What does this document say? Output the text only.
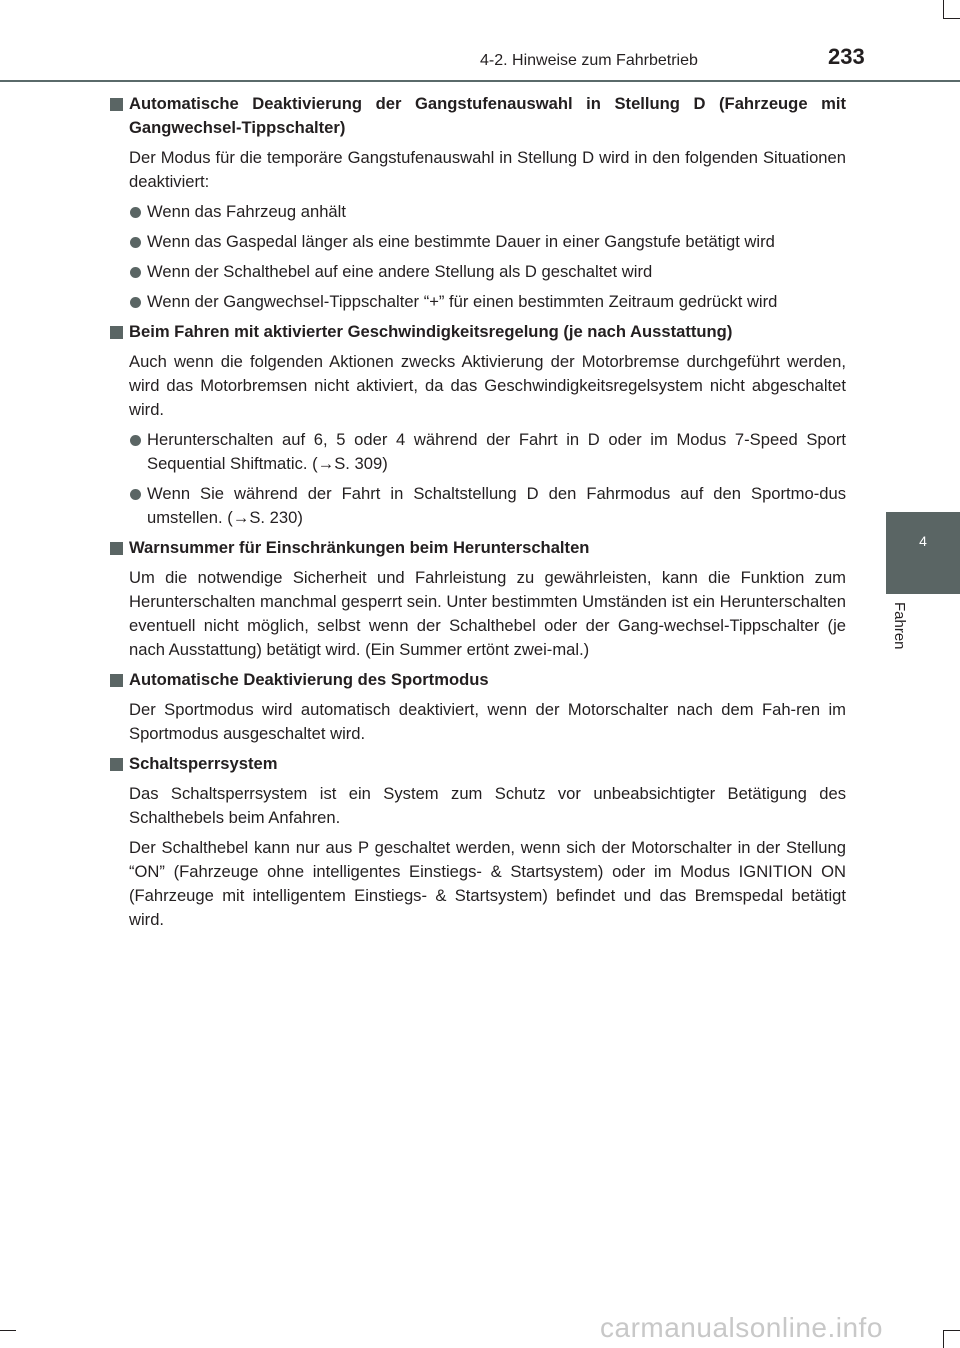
4-2. Hinweise zum Fahrbetrieb	233
4
Fahren
Automatische Deaktivierung der Gangstufenauswahl in Stellung D (Fahrzeuge mit Gangwechsel-Tippschalter)
Der Modus für die temporäre Gangstufenauswahl in Stellung D wird in den folgenden Situationen deaktiviert:
Wenn das Fahrzeug anhält
Wenn das Gaspedal länger als eine bestimmte Dauer in einer Gangstufe betätigt wird
Wenn der Schalthebel auf eine andere Stellung als D geschaltet wird
Wenn der Gangwechsel-Tippschalter “+” für einen bestimmten Zeitraum gedrückt wird
Beim Fahren mit aktivierter Geschwindigkeitsregelung (je nach Ausstattung)
Auch wenn die folgenden Aktionen zwecks Aktivierung der Motorbremse durchgeführt werden, wird das Motorbremsen nicht aktiviert, da das Geschwindigkeitsregelsystem nicht abgeschaltet wird.
Herunterschalten auf 6, 5 oder 4 während der Fahrt in D oder im Modus 7-Speed Sport Sequential Shiftmatic. (→S. 309)
Wenn Sie während der Fahrt in Schaltstellung D den Fahrmodus auf den Sportmo-dus umstellen. (→S. 230)
Warnsummer für Einschränkungen beim Herunterschalten
Um die notwendige Sicherheit und Fahrleistung zu gewährleisten, kann die Funktion zum Herunterschalten manchmal gesperrt sein. Unter bestimmten Umständen ist ein Herunterschalten eventuell nicht möglich, selbst wenn der Schalthebel oder der Gang-wechsel-Tippschalter (je nach Ausstattung) betätigt wird. (Ein Summer ertönt zwei-mal.)
Automatische Deaktivierung des Sportmodus
Der Sportmodus wird automatisch deaktiviert, wenn der Motorschalter nach dem Fah-ren im Sportmodus ausgeschaltet wird.
Schaltsperrsystem
Das Schaltsperrsystem ist ein System zum Schutz vor unbeabsichtigter Betätigung des Schalthebels beim Anfahren.
Der Schalthebel kann nur aus P geschaltet werden, wenn sich der Motorschalter in der Stellung “ON” (Fahrzeuge ohne intelligentes Einstiegs- & Startsystem) oder im Modus IGNITION ON (Fahrzeuge mit intelligentem Einstiegs- & Startsystem) befindet und das Bremspedal betätigt wird.
carmanualsonline.info
